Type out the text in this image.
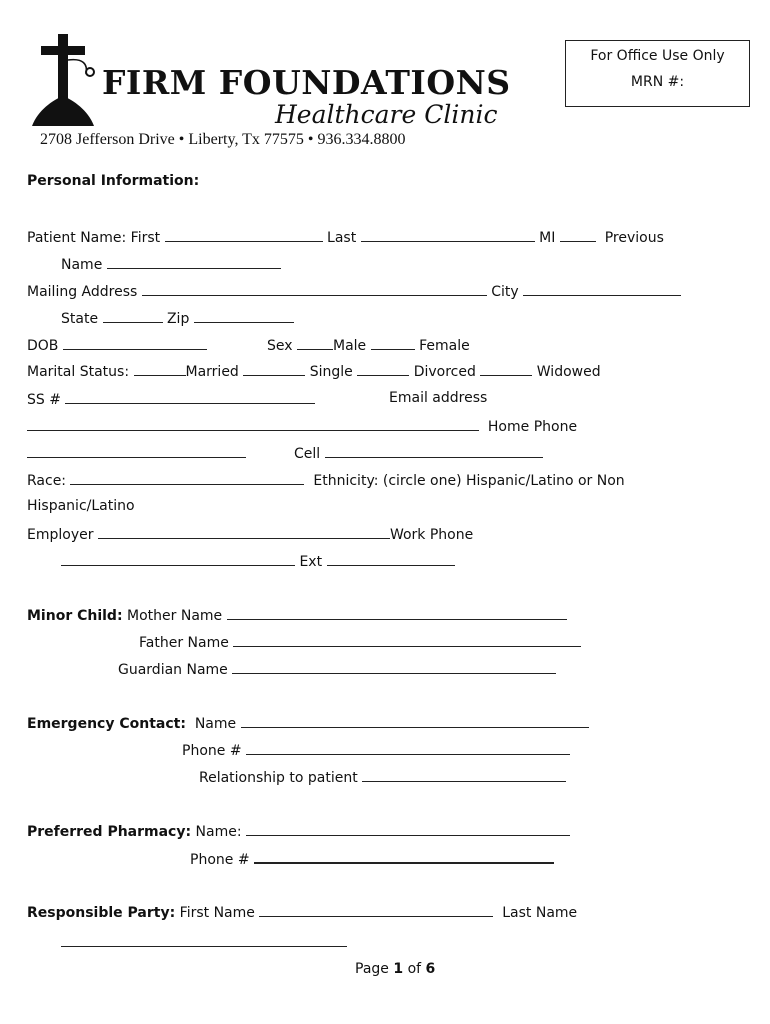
FIRM FOUNDATIONS
Healthcare Clinic
2708 Jefferson Drive • Liberty, Tx 77575 • 936.334.8800
For Office Use Only
MRN #:
Personal Information:
Patient Name: First	Last	MI	Previous
Name
Mailing Address	City
State	Zip
DOB	Sex	Male	Female
Marital Status:	Married	Single	Divorced	Widowed
SS #	Email address
Home Phone
Cell
Race:	Ethnicity: (circle one) Hispanic/Latino or Non
Hispanic/Latino
Employer	Work Phone
Ext
Minor Child: Mother Name
Father Name
Guardian Name
Emergency Contact: Name
Phone #
Relationship to patient
Preferred Pharmacy: Name:
Phone #
Responsible Party: First Name	Last Name
Page 1 of 6
